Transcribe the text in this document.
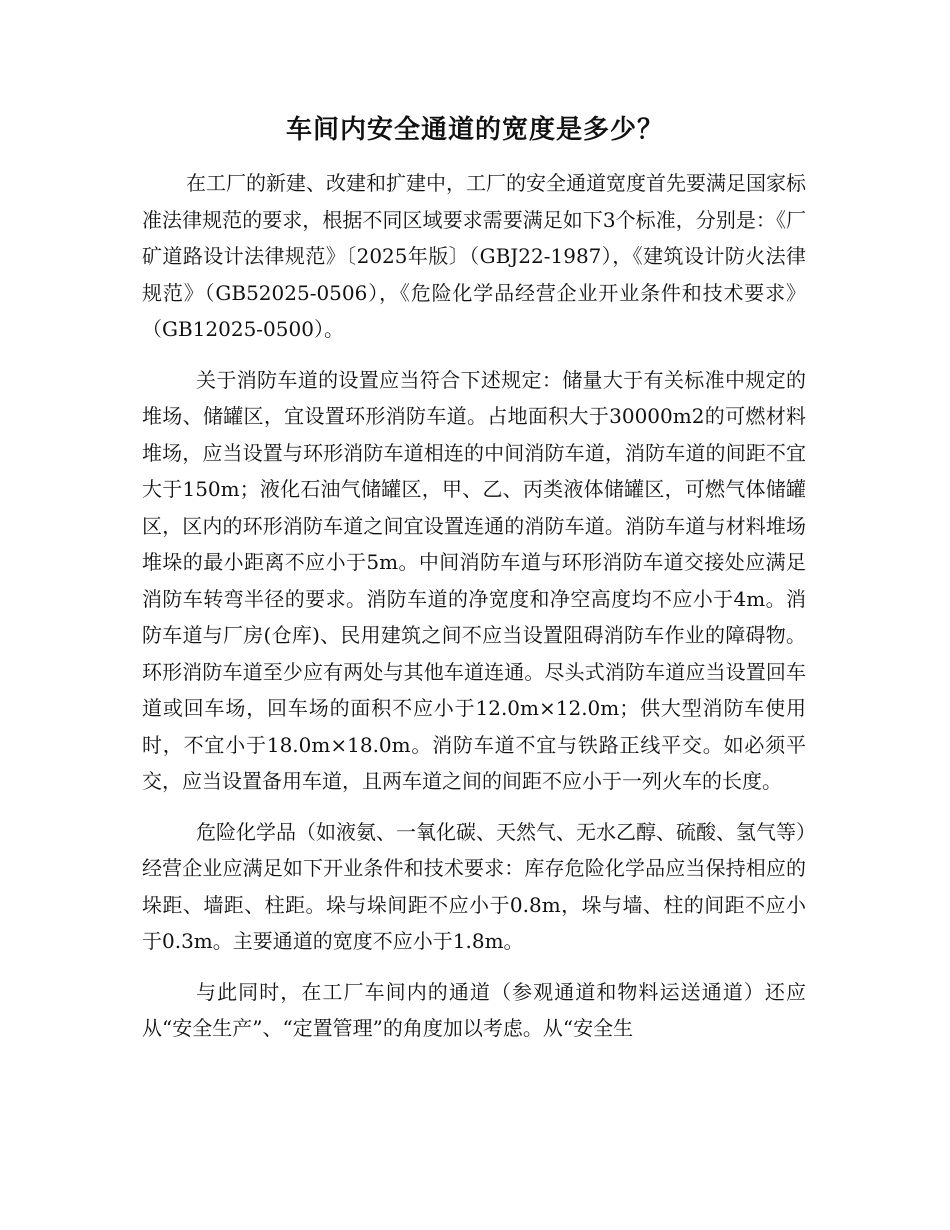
车间内安全通道的宽度是多少？

在工厂的新建、改建和扩建中，工厂的安全通道宽度首先要满足国家标准法律规范的要求，根据不同区域要求需要满足如下3个标准，分别是：《厂矿道路设计法律规范》〔2025年版〕（GBJ22-1987），《建筑设计防火法律规范》（GB52025-0506），《危险化学品经营企业开业条件和技术要求》（GB12025-0500）。

关于消防车道的设置应当符合下述规定：储量大于有关标准中规定的堆场、储罐区，宜设置环形消防车道。占地面积大于30000m2的可燃材料堆场，应当设置与环形消防车道相连的中间消防车道，消防车道的间距不宜大于150m；液化石油气储罐区，甲、乙、丙类液体储罐区，可燃气体储罐区，区内的环形消防车道之间宜设置连通的消防车道。消防车道与材料堆场堆垛的最小距离不应小于5m。中间消防车道与环形消防车道交接处应满足消防车转弯半径的要求。消防车道的净宽度和净空高度均不应小于4m。消防车道与厂房(仓库)、民用建筑之间不应当设置阻碍消防车作业的障碍物。环形消防车道至少应有两处与其他车道连通。尽头式消防车道应当设置回车道或回车场，回车场的面积不应小于12.0m×12.0m；供大型消防车使用时，不宜小于18.0m×18.0m。消防车道不宜与铁路正线平交。如必须平交，应当设置备用车道，且两车道之间的间距不应小于一列火车的长度。

危险化学品（如液氨、一氧化碳、天然气、无水乙醇、硫酸、氢气等）经营企业应满足如下开业条件和技术要求：库存危险化学品应当保持相应的垛距、墙距、柱距。垛与垛间距不应小于0.8m，垛与墙、柱的间距不应小于0.3m。主要通道的宽度不应小于1.8m。

与此同时，在工厂车间内的通道（参观通道和物料运送通道）还应从“安全生产”、“定置管理”的角度加以考虑。从“安全生
